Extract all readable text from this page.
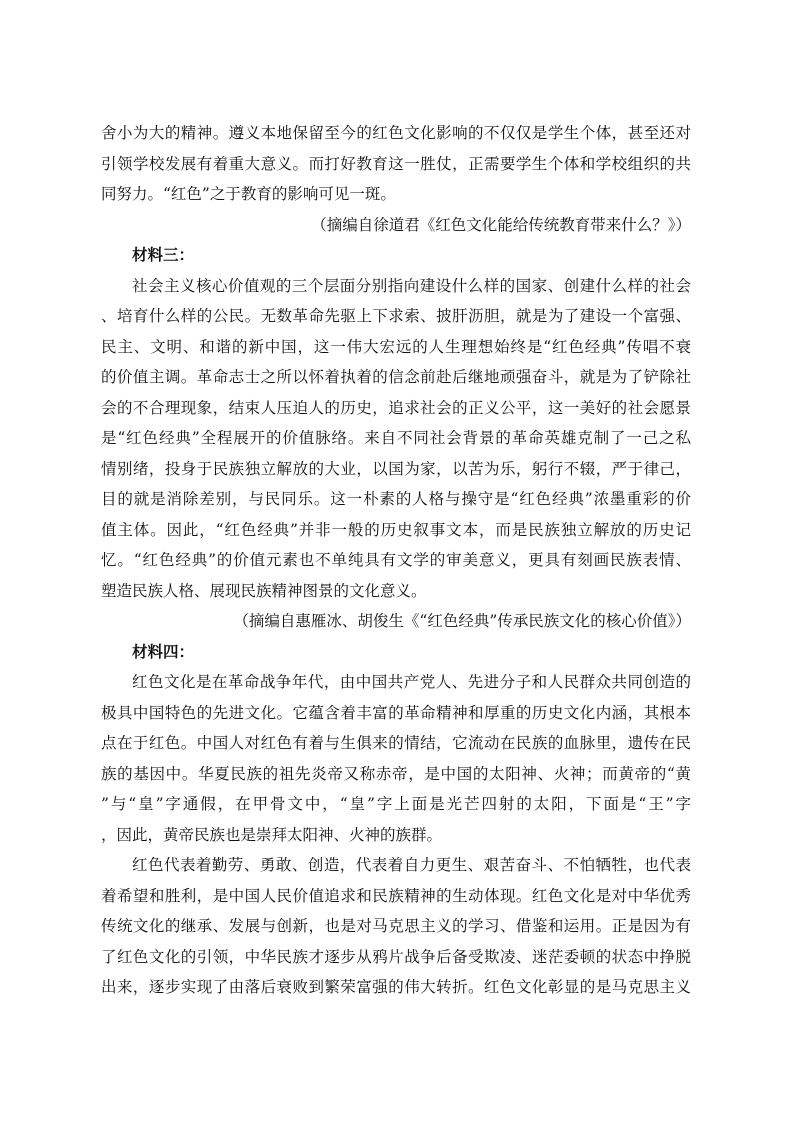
舍小为大的精神。遵义本地保留至今的红色文化影响的不仅仅是学生个体，甚至还对
引领学校发展有着重大意义。而打好教育这一胜仗，正需要学生个体和学校组织的共
同努力。“红色”之于教育的影响可见一斑。
（摘编自徐道君《红色文化能给传统教育带来什么？》）
材料三：
社会主义核心价值观的三个层面分别指向建设什么样的国家、创建什么样的社会
、培育什么样的公民。无数革命先驱上下求索、披肝沥胆，就是为了建设一个富强、
民主、文明、和谐的新中国，这一伟大宏远的人生理想始终是“红色经典”传唱不衰
的价值主调。革命志士之所以怀着执着的信念前赴后继地顽强奋斗，就是为了铲除社
会的不合理现象，结束人压迫人的历史，追求社会的正义公平，这一美好的社会愿景
是“红色经典”全程展开的价值脉络。来自不同社会背景的革命英雄克制了一己之私
情别绪，投身于民族独立解放的大业，以国为家，以苦为乐，躬行不辍，严于律己，
目的就是消除差别，与民同乐。这一朴素的人格与操守是“红色经典”浓墨重彩的价
值主体。因此，“红色经典”并非一般的历史叙事文本，而是民族独立解放的历史记
忆。“红色经典”的价值元素也不单纯具有文学的审美意义，更具有刻画民族表情、
塑造民族人格、展现民族精神图景的文化意义。
（摘编自惠雁冰、胡俊生《“红色经典”传承民族文化的核心价值》）
材料四：
红色文化是在革命战争年代，由中国共产党人、先进分子和人民群众共同创造的
极具中国特色的先进文化。它蕴含着丰富的革命精神和厚重的历史文化内涵，其根本
点在于红色。中国人对红色有着与生俱来的情结，它流动在民族的血脉里，遗传在民
族的基因中。华夏民族的祖先炎帝又称赤帝，是中国的太阳神、火神；而黄帝的“黄
”与“皇”字通假，在甲骨文中，“皇”字上面是光芒四射的太阳，下面是“王”字
，因此，黄帝民族也是崇拜太阳神、火神的族群。
红色代表着勤劳、勇敢、创造，代表着自力更生、艰苦奋斗、不怕牺牲，也代表
着希望和胜利，是中国人民价值追求和民族精神的生动体现。红色文化是对中华优秀
传统文化的继承、发展与创新，也是对马克思主义的学习、借鉴和运用。正是因为有
了红色文化的引领，中华民族才逐步从鸦片战争后备受欺凌、迷茫委顿的状态中挣脱
出来，逐步实现了由落后衰败到繁荣富强的伟大转折。红色文化彰显的是马克思主义
